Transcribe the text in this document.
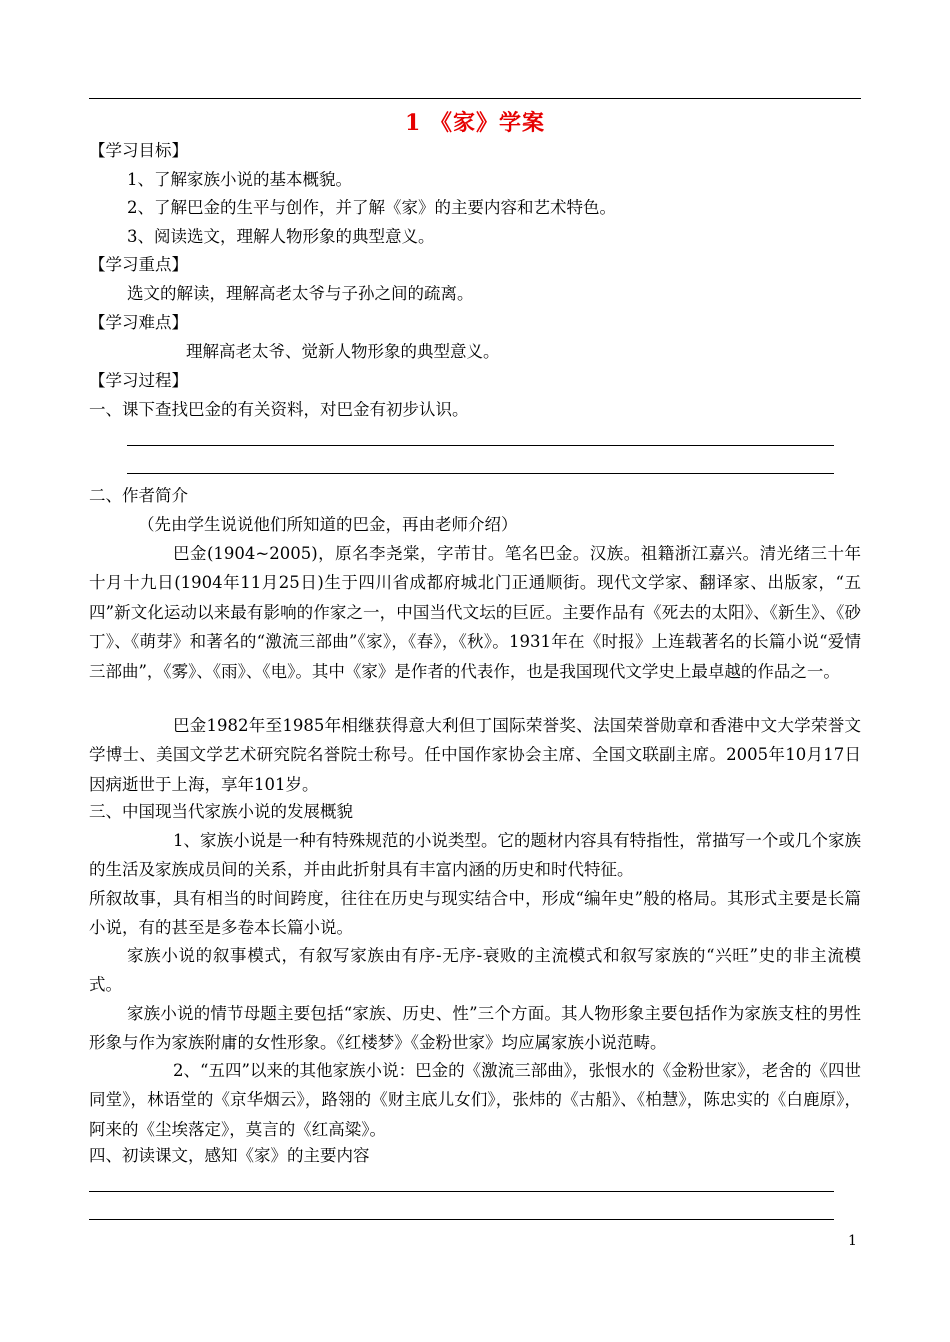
1 《家》学案
【学习目标】
1、了解家族小说的基本概貌。
2、了解巴金的生平与创作，并了解《家》的主要内容和艺术特色。
3、阅读选文，理解人物形象的典型意义。
【学习重点】
选文的解读，理解高老太爷与子孙之间的疏离。
【学习难点】
理解高老太爷、觉新人物形象的典型意义。
【学习过程】
一、课下查找巴金的有关资料，对巴金有初步认识。
二、作者简介
（先由学生说说他们所知道的巴金，再由老师介绍）
巴金(1904~2005)，原名李尧棠，字芾甘。笔名巴金。汉族。祖籍浙江嘉兴。清光绪三十年十月十九日(1904年11月25日)生于四川省成都府城北门正通顺街。现代文学家、翻译家、出版家，“五四”新文化运动以来最有影响的作家之一，中国当代文坛的巨匠。主要作品有《死去的太阳》、《新生》、《砂丁》、《萌芽》和著名的“激流三部曲”《家》，《春》，《秋》。1931年在《时报》上连载著名的长篇小说“爱情三部曲”，《雾》、《雨》、《电》。其中《家》是作者的代表作，也是我国现代文学史上最卓越的作品之一。
巴金1982年至1985年相继获得意大利但丁国际荣誉奖、法国荣誉勋章和香港中文大学荣誉文学博士、美国文学艺术研究院名誉院士称号。任中国作家协会主席、全国文联副主席。2005年10月17日因病逝世于上海，享年101岁。
三、中国现当代家族小说的发展概貌
1、家族小说是一种有特殊规范的小说类型。它的题材内容具有特指性，常描写一个或几个家族的生活及家族成员间的关系，并由此折射具有丰富内涵的历史和时代特征。
所叙故事，具有相当的时间跨度，往往在历史与现实结合中，形成“编年史”般的格局。其形式主要是长篇小说，有的甚至是多卷本长篇小说。
家族小说的叙事模式，有叙写家族由有序-无序-衰败的主流模式和叙写家族的“兴旺”史的非主流模式。
家族小说的情节母题主要包括“家族、历史、性”三个方面。其人物形象主要包括作为家族支柱的男性形象与作为家族附庸的女性形象。《红楼梦》《金粉世家》均应属家族小说范畴。
2、“五四”以来的其他家族小说：巴金的《激流三部曲》，张恨水的《金粉世家》，老舍的《四世同堂》，林语堂的《京华烟云》，路翎的《财主底儿女们》，张炜的《古船》、《柏慧》，陈忠实的《白鹿原》，阿来的《尘埃落定》，莫言的《红高粱》。
四、初读课文，感知《家》的主要内容
1
